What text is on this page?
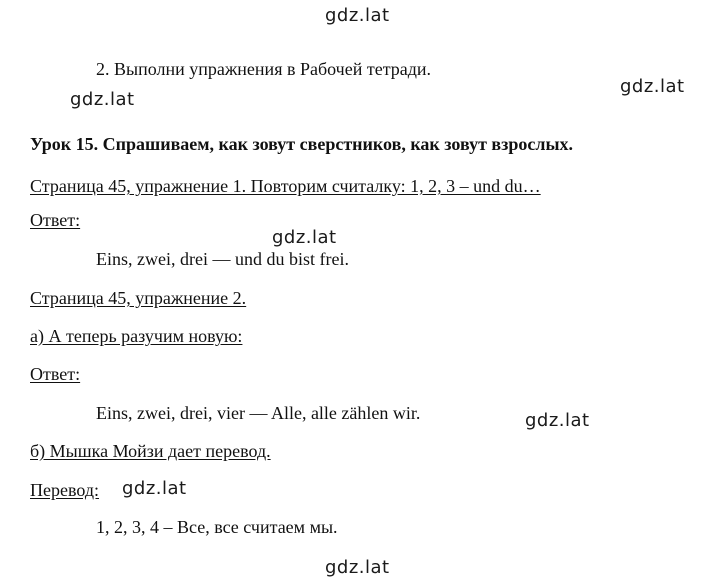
gdz.lat
gdz.lat
gdz.lat
gdz.lat
gdz.lat
gdz.lat
gdz.lat

2. Выполни упражнения в Рабочей тетради.

Урок 15. Спрашиваем, как зовут сверстников, как зовут взрослых.

Страница 45, упражнение 1. Повторим считалку: 1, 2, 3 – und du…

Ответ:

Eins, zwei, drei — und du bist frei.

Страница 45, упражнение 2.

а) А теперь разучим новую:

Ответ:

Eins, zwei, drei, vier — Alle, alle zählen wir.

б) Мышка Мойзи дает перевод.

Перевод:

1, 2, 3, 4 – Все, все считаем мы.
